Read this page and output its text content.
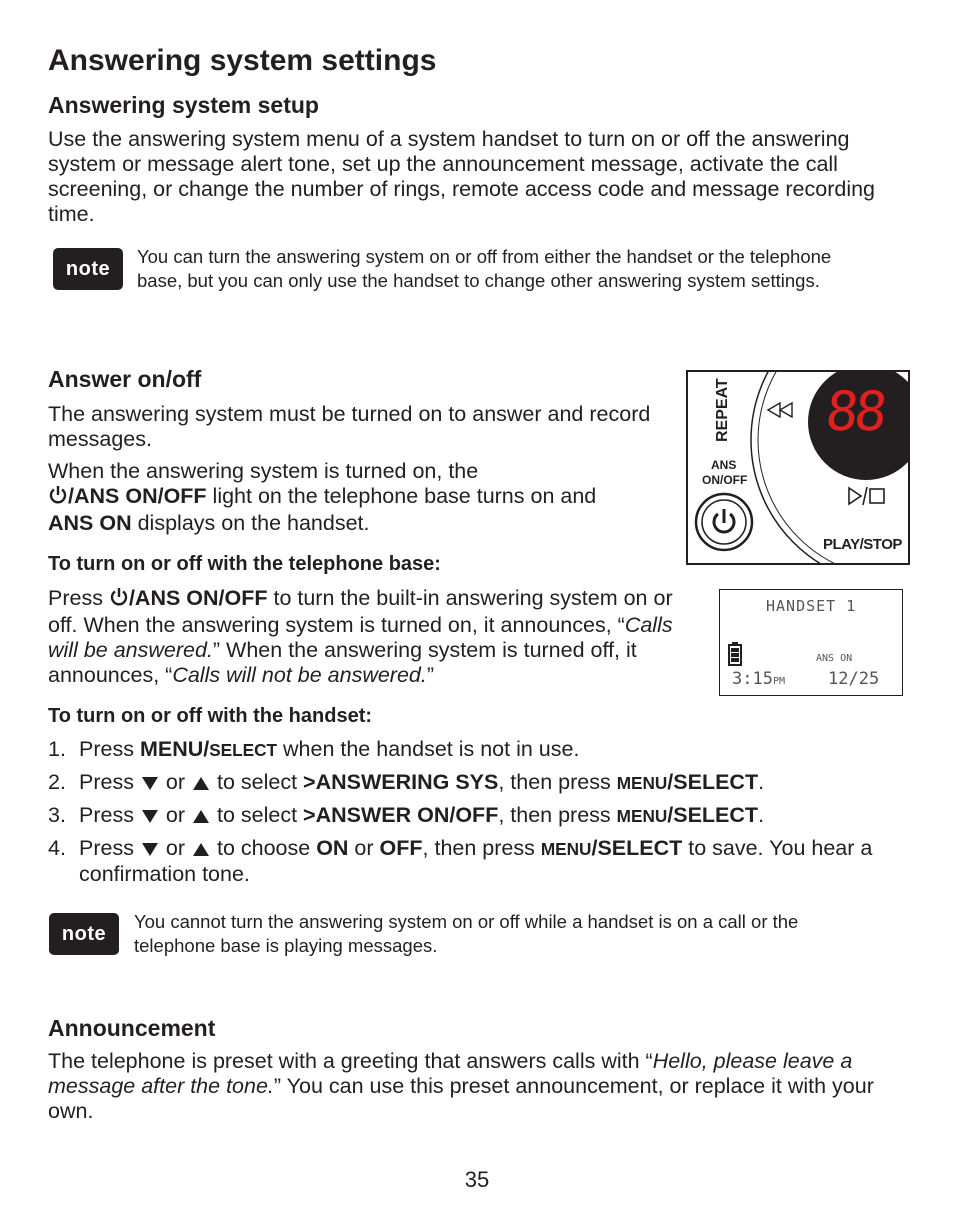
Answering system settings
Answering system setup
Use the answering system menu of a system handset to turn on or off the answering system or message alert tone, set up the announcement message, activate the call screening, or change the number of rings, remote access code and message recording time.
note
You can turn the answering system on or off from either the handset or the telephone base, but you can only use the handset to change other answering system settings.
Answer on/off
The answering system must be turned on to answer and record messages.
When the answering system is turned on, the
/ANS ON/OFF light on the telephone base turns on and
ANS ON displays on the handset.
88
REPEAT
ANS
ON/OFF
PLAY/STOP
To turn on or off with the telephone base:
Press /ANS ON/OFF to turn the built-in answering system on or off. When the answering system is turned on, it announces, “Calls will be answered.” When the answering system is turned off, it announces, “Calls will not be answered.”
HANDSET 1
ANS ON
3:15PM	12/25
To turn on or off with the handset:
1. Press MENU/SELECT when the handset is not in use.
2. Press  or  to select >ANSWERING SYS, then press MENU/SELECT.
3. Press  or  to select >ANSWER ON/OFF, then press MENU/SELECT.
4. Press  or  to choose ON or OFF, then press MENU/SELECT to save. You hear a confirmation tone.
note
You cannot turn the answering system on or off while a handset is on a call or the telephone base is playing messages.
Announcement
The telephone is preset with a greeting that answers calls with “Hello, please leave a message after the tone.” You can use this preset announcement, or replace it with your own.
35
